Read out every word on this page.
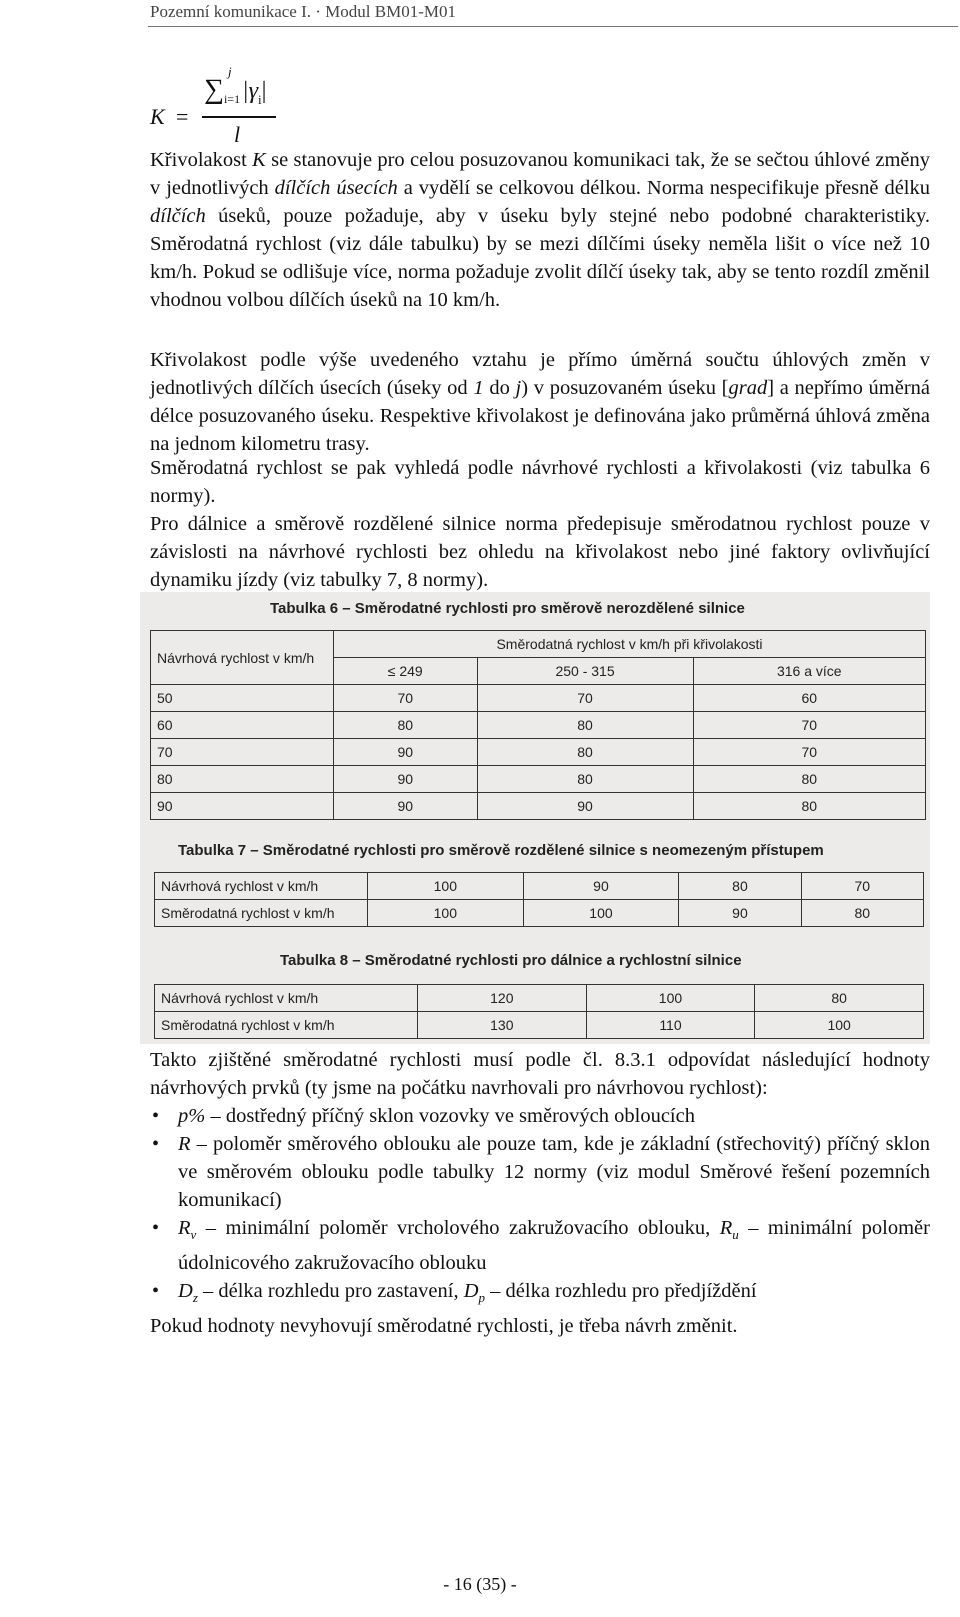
Pozemní komunikace I. · Modul BM01-M01
K =
∑
j
i=1 $|\gamma_i|$
l

Křivolakost K se stanovuje pro celou posuzovanou komunikaci tak, že se sečtou úhlové změny v jednotlivých dílčích úsecích a vydělí se celkovou délkou. Norma nespecifikuje přesně délku dílčích úseků, pouze požaduje, aby v úseku byly stejné nebo podobné charakteristiky. Směrodatná rychlost (viz dále tabulku) by se mezi dílčími úseky neměla lišit o více než 10 km/h. Pokud se odlišuje více, norma požaduje zvolit dílčí úseky tak, aby se tento rozdíl změnil vhodnou volbou dílčích úseků na 10 km/h.

Křivolakost podle výše uvedeného vztahu je přímo úměrná součtu úhlových změn v jednotlivých dílčích úsecích (úseky od 1 do j) v posuzovaném úseku [grad] a nepřímo úměrná délce posuzovaného úseku. Respektive křivolakost je definována jako průměrná úhlová změna na jednom kilometru trasy.

Směrodatná rychlost se pak vyhledá podle návrhové rychlosti a křivolakosti (viz tabulka 6 normy).

Pro dálnice a směrově rozdělené silnice norma předepisuje směrodatnou rychlost pouze v závislosti na návrhové rychlosti bez ohledu na křivolakost nebo jiné faktory ovlivňující dynamiku jízdy (viz tabulky 7, 8 normy).

Tabulka 6 – Směrodatné rychlosti pro směrově nerozdělené silnice
Návrhová rychlost v km/h	Směrodatná rychlost v km/h při křivolakosti		
	≤ 249	250 - 315	316 a více
50	70	70	60
60	80	80	70
70	90	80	70
80	90	80	80
90	90	90	80
Tabulka 7 – Směrodatné rychlosti pro směrově rozdělené silnice s neomezeným přístupem
Návrhová rychlost v km/h	100	90	80	70
Směrodatná rychlost v km/h	100	100	90	80
Tabulka 8 – Směrodatné rychlosti pro dálnice a rychlostní silnice
Návrhová rychlost v km/h	120	100	80
Směrodatná rychlost v km/h	130	110	100

Takto zjištěné směrodatné rychlosti musí podle čl. 8.3.1 odpovídat následující hodnoty návrhových prvků (ty jsme na počátku navrhovali pro návrhovou rychlost):

• p% – dostředný příčný sklon vozovky ve směrových obloucích
• R – poloměr směrového oblouku ale pouze tam, kde je základní (střechovitý) příčný sklon ve směrovém oblouku podle tabulky 12 normy (viz modul Směrové řešení pozemních komunikací)
• $R_v$ – minimální poloměr vrcholového zakružovacího oblouku, $R_u$ – minimální poloměr údolnicového zakružovacího oblouku
• $D_z$ – délka rozhledu pro zastavení, $D_p$ – délka rozhledu pro předjíždění

Pokud hodnoty nevyhovují směrodatné rychlosti, je třeba návrh změnit.

- 16 (35) -
